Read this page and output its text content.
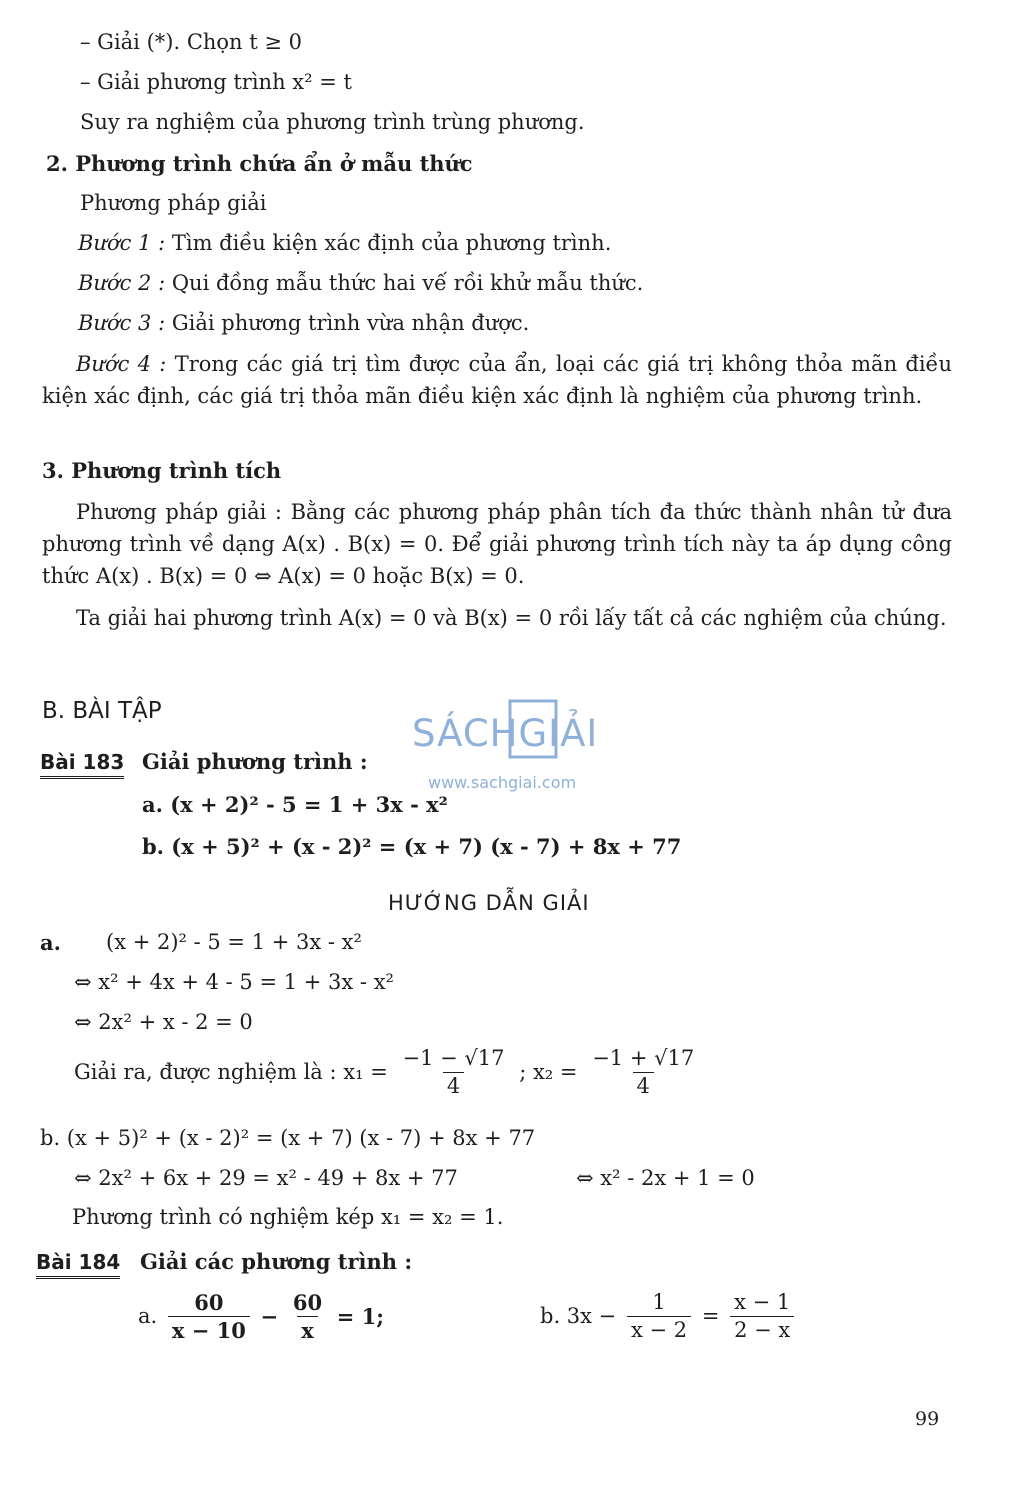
– Giải (*). Chọn t ≥ 0
– Giải phương trình x² = t
Suy ra nghiệm của phương trình trùng phương.
2. Phương trình chứa ẩn ở mẫu thức
Phương pháp giải
Bước 1 : Tìm điều kiện xác định của phương trình.
Bước 2 : Qui đồng mẫu thức hai vế rồi khử mẫu thức.
Bước 3 : Giải phương trình vừa nhận được.
Bước 4 : Trong các giá trị tìm được của ẩn, loại các giá trị không thỏa mãn điều kiện xác định, các giá trị thỏa mãn điều kiện xác định là nghiệm của phương trình.
3. Phương trình tích
Phương pháp giải : Bằng các phương pháp phân tích đa thức thành nhân tử đưa phương trình về dạng A(x) . B(x) = 0. Để giải phương trình tích này ta áp dụng công thức A(x) . B(x) = 0 ⇔ A(x) = 0 hoặc B(x) = 0.
Ta giải hai phương trình A(x) = 0 và B(x) = 0 rồi lấy tất cả các nghiệm của chúng.
B. BÀI TẬP
SÁCHGIẢI
www.sachgiai.com
Bài 183 Giải phương trình :
a. (x + 2)² - 5 = 1 + 3x - x²
b. (x + 5)² + (x - 2)² = (x + 7) (x - 7) + 8x + 77
HƯỚNG DẪN GIẢI
a. (x + 2)² - 5 = 1 + 3x - x²
⇔ x² + 4x + 4 - 5 = 1 + 3x - x²
⇔ 2x² + x - 2 = 0
Giải ra, được nghiệm là : $x_1 = \frac{-1 - √17}{4}$ ; $x_2 = \frac{-1 + √17}{4}$
b. (x + 5)² + (x - 2)² = (x + 7) (x - 7) + 8x + 77
⇔ 2x² + 6x + 29 = x² - 49 + 8x + 77	⇔ x² - 2x + 1 = 0
Phương trình có nghiệm kép x₁ = x₂ = 1.
Bài 184 Giải các phương trình :
a. $\frac{60}{x - 10} - \frac{60}{x} = 1$;	b. $3x - \frac{1}{x - 2} = \frac{x - 1}{2 - x}$
99
